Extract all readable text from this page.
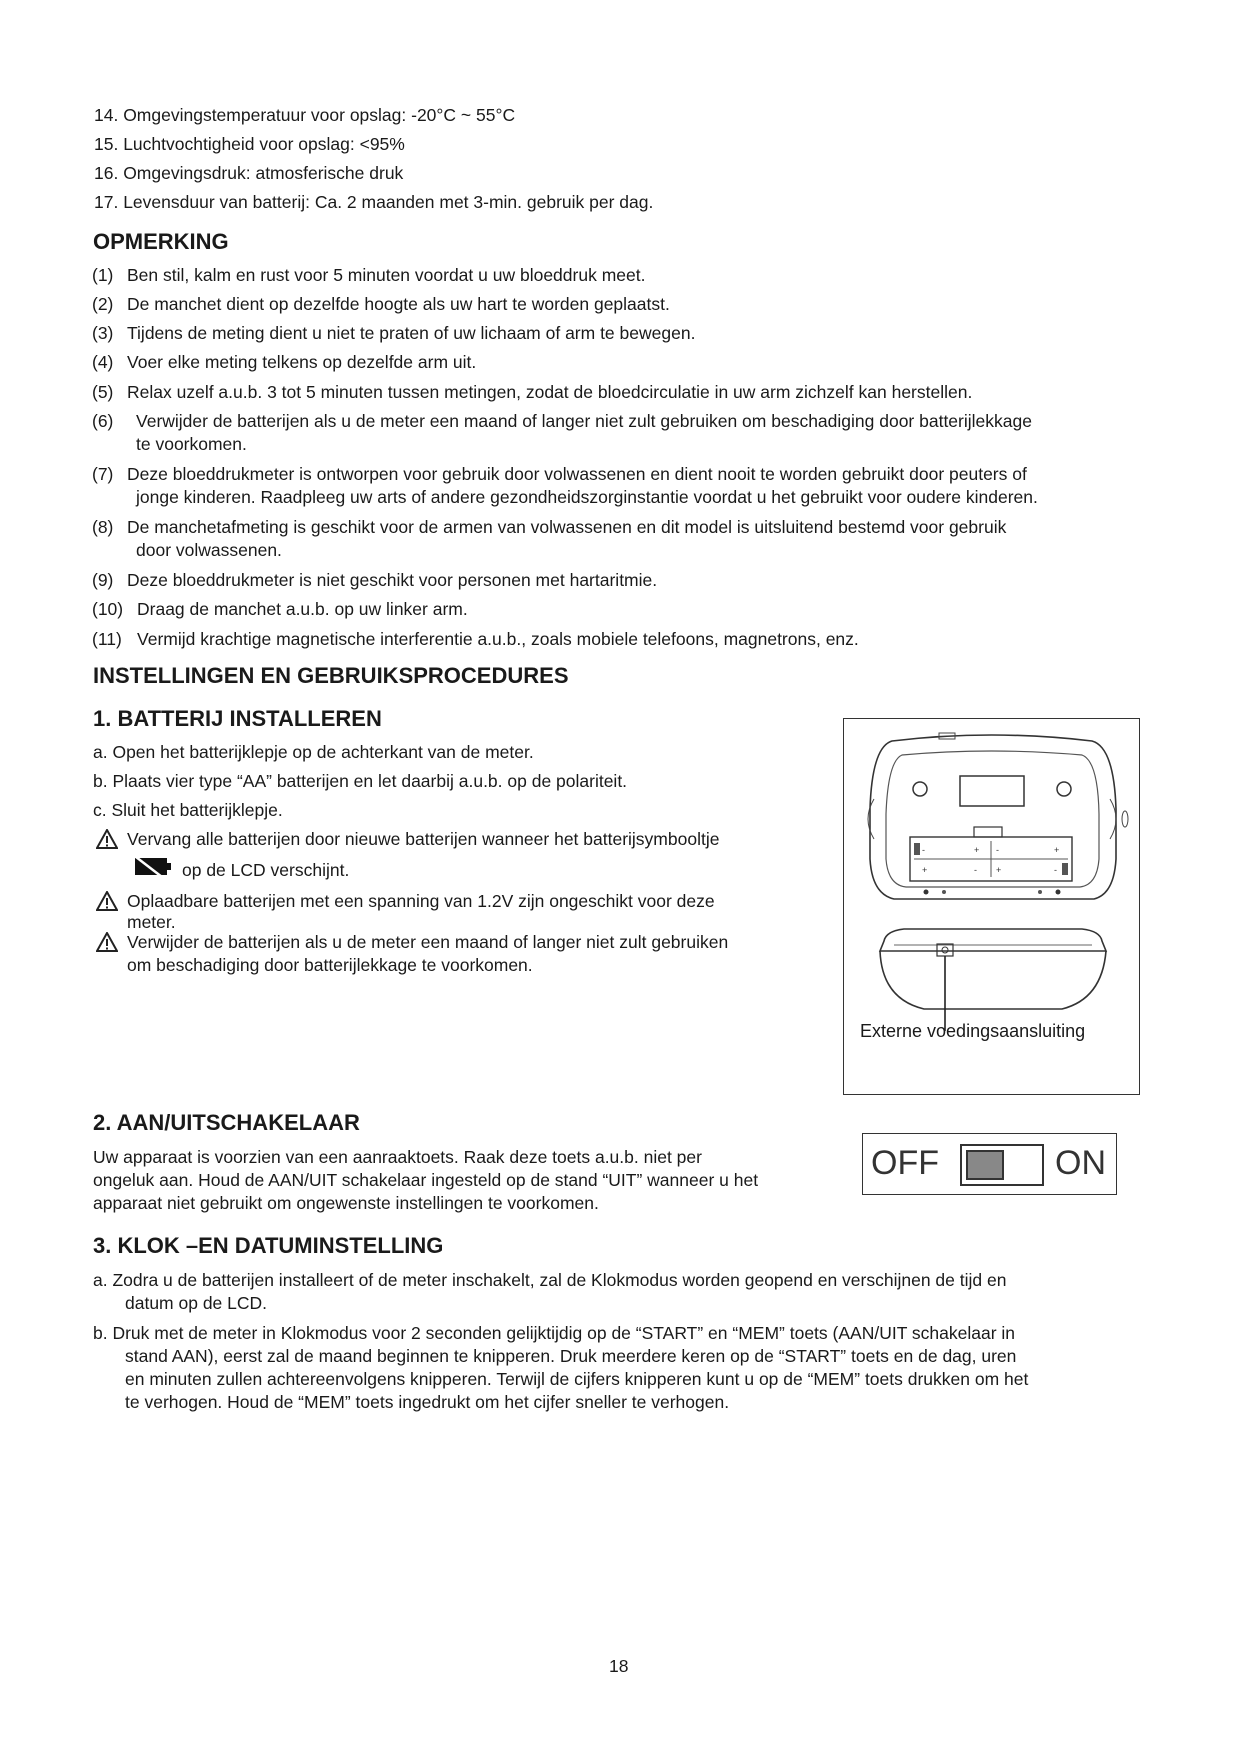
14. Omgevingstemperatuur voor opslag: -20°C ~ 55°C
15. Luchtvochtigheid voor opslag: <95%
16. Omgevingsdruk: atmosferische druk
17. Levensduur van batterij: Ca. 2 maanden met 3-min. gebruik per dag.
OPMERKING
(1) Ben stil, kalm en rust voor 5 minuten voordat u uw bloeddruk meet.
(2) De manchet dient op dezelfde hoogte als uw hart te worden geplaatst.
(3) Tijdens de meting dient u niet te praten of uw lichaam of arm te bewegen.
(4) Voer elke meting telkens op dezelfde arm uit.
(5) Relax uzelf a.u.b. 3 tot 5 minuten tussen metingen, zodat de bloedcirculatie in uw arm zichzelf kan herstellen.
(6) Verwijder de batterijen als u de meter een maand of langer niet zult gebruiken om beschadiging door batterijlekkage
te voorkomen.
(7) Deze bloeddrukmeter is ontworpen voor gebruik door volwassenen en dient nooit te worden gebruikt door peuters of
jonge kinderen. Raadpleeg uw arts of andere gezondheidszorginstantie voordat u het gebruikt voor oudere kinderen.
(8) De manchetafmeting is geschikt voor de armen van volwassenen en dit model is uitsluitend bestemd voor gebruik
door volwassenen.
(9) Deze bloeddrukmeter is niet geschikt voor personen met hartaritmie.
(10) Draag de manchet a.u.b. op uw linker arm.
(11) Vermijd krachtige magnetische interferentie a.u.b., zoals mobiele telefoons, magnetrons, enz.
INSTELLINGEN EN GEBRUIKSPROCEDURES
1. BATTERIJ INSTALLEREN
a. Open het batterijklepje op de achterkant van de meter.
b. Plaats vier type “AA” batterijen en let daarbij a.u.b. op de polariteit.
c. Sluit het batterijklepje.
Vervang alle batterijen door nieuwe batterijen wanneer het batterijsymbooltje
op de LCD verschijnt.
Oplaadbare batterijen met een spanning van 1.2V zijn ongeschikt voor deze
meter.
Verwijder de batterijen als u de meter een maand of langer niet zult gebruiken
om beschadiging door batterijlekkage te voorkomen.
-	+ -	+
+	- +	-
Externe voedingsaansluiting
2. AAN/UITSCHAKELAAR
Uw apparaat is voorzien van een aanraaktoets. Raak deze toets a.u.b. niet per
ongeluk aan. Houd de AAN/UIT schakelaar ingesteld op de stand “UIT” wanneer u het
apparaat niet gebruikt om ongewenste instellingen te voorkomen.
OFF	ON
3. KLOK –EN DATUMINSTELLING
a. Zodra u de batterijen installeert of de meter inschakelt, zal de Klokmodus worden geopend en verschijnen de tijd en
datum op de LCD.
b. Druk met de meter in Klokmodus voor 2 seconden gelijktijdig op de “START” en “MEM” toets (AAN/UIT schakelaar in
stand AAN), eerst zal de maand beginnen te knipperen. Druk meerdere keren op de “START” toets en de dag, uren
en minuten zullen achtereenvolgens knipperen. Terwijl de cijfers knipperen kunt u op de “MEM” toets drukken om het
te verhogen. Houd de “MEM” toets ingedrukt om het cijfer sneller te verhogen.
18
